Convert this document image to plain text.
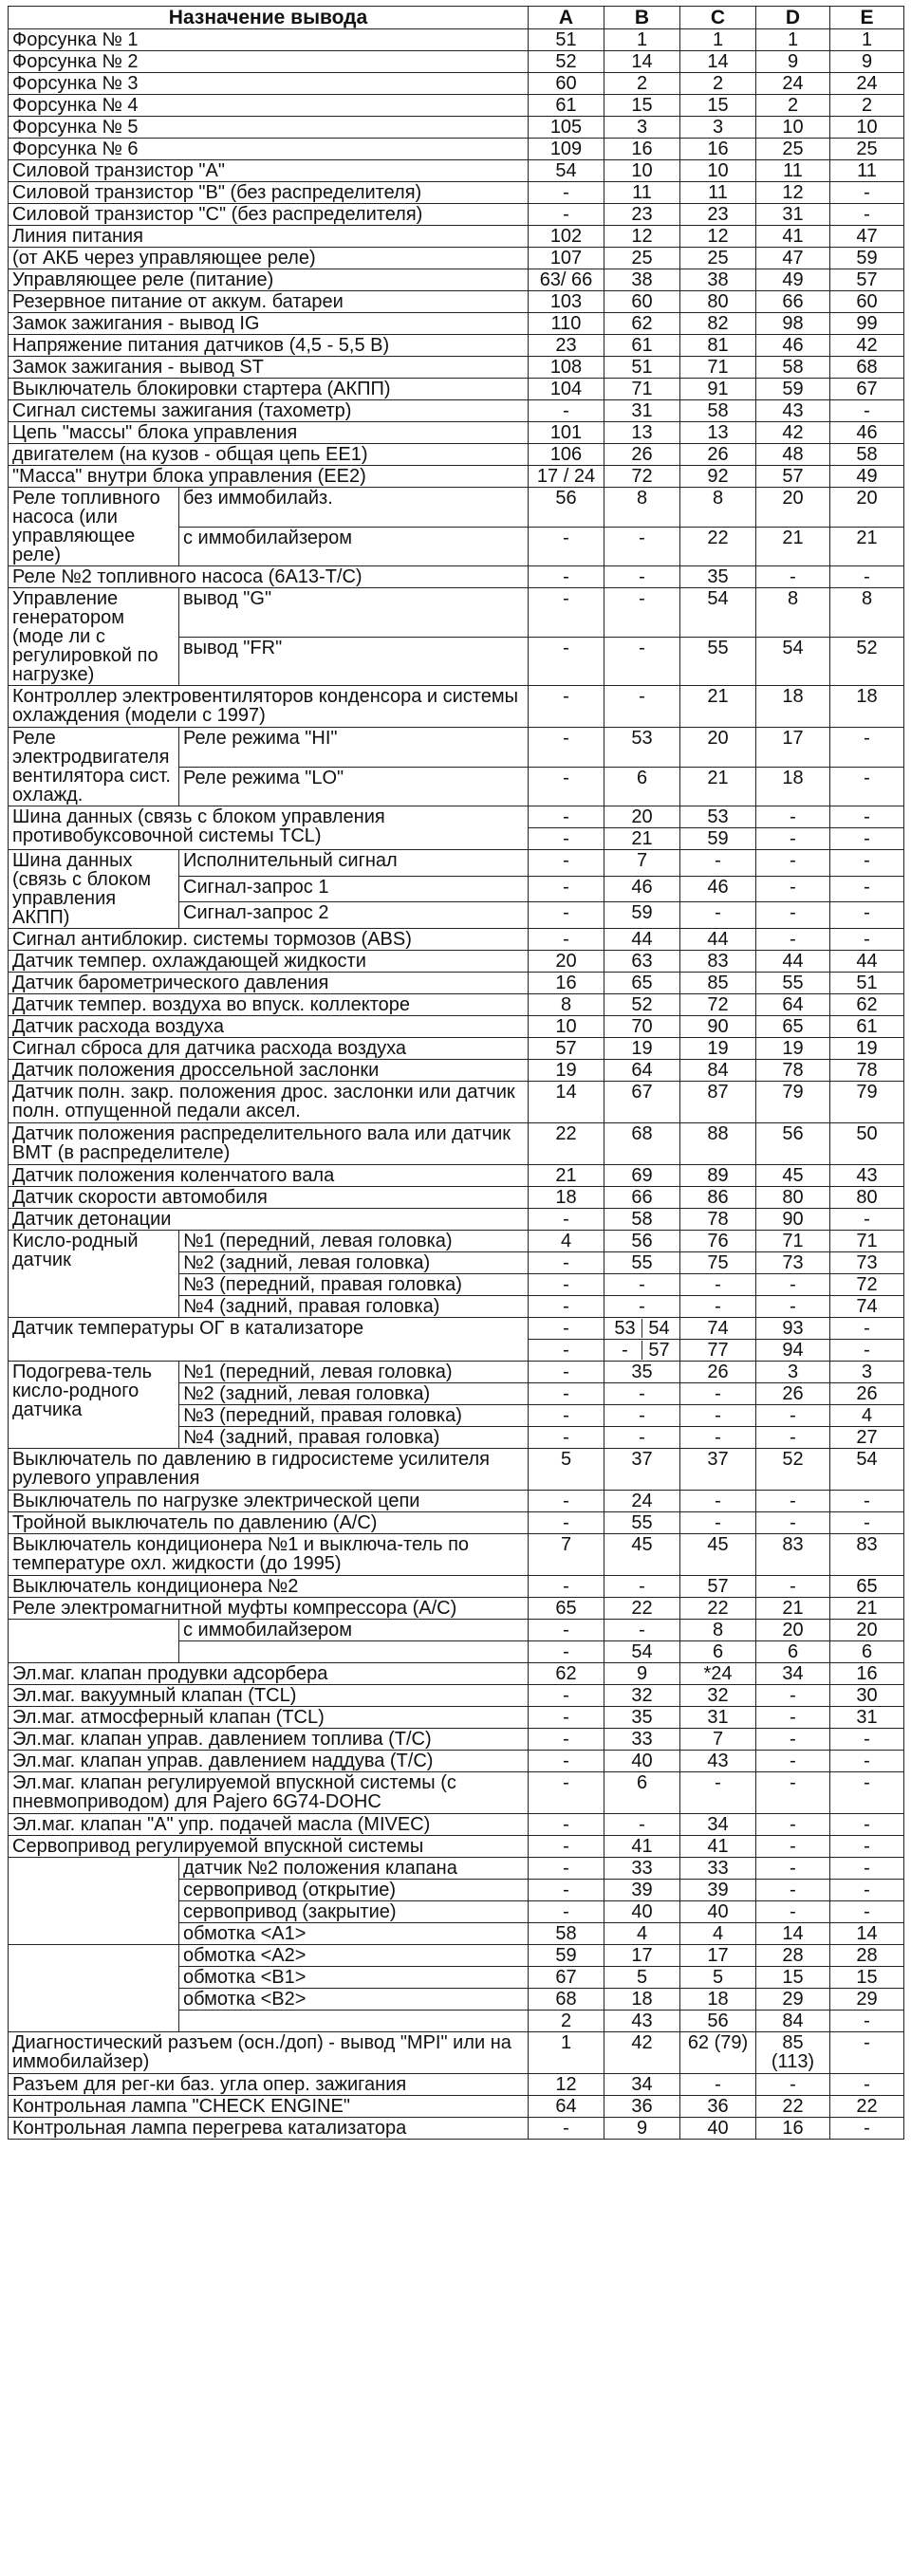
Назначение вывода		A	B	C	D	E
Форсунка № 1		51	1	1	1	1
Форсунка № 2		52	14	14	9	9
Форсунка № 3		60	2	2	24	24
Форсунка № 4		61	15	15	2	2
Форсунка № 5		105	3	3	10	10
Форсунка № 6		109	16	16	25	25
Силовой транзистор "А"		54	10	10	11	11
Силовой транзистор "В" (без распределителя)		-	11	11	12	-
Силовой транзистор "С" (без распределителя)		-	23	23	31	-
Линия питания		102	12	12	41	47
(от АКБ через управляющее реле)		107	25	25	47	59
Управляющее реле (питание)		63/ 66	38	38	49	57
Резервное питание от аккум. батареи		103	60	80	66	60
Замок зажигания - вывод IG		110	62	82	98	99
Напряжение питания датчиков (4,5 - 5,5 В)		23	61	81	46	42
Замок зажигания - вывод ST		108	51	71	58	68
Выключатель блокировки стартера (АКПП)		104	71	91	59	67
Сигнал системы зажигания (тахометр)		-	31	58	43	-
Цепь "массы" блока управления		101	13	13	42	46
двигателем (на кузов - общая цепь ЕЕ1)		106	26	26	48	58
"Масса" внутри блока управления (ЕЕ2)		17 / 24	72	92	57	49
Реле топливного насоса (или управляющее реле)	без иммобилайз.	56	8	8	20	20
	с иммобилайзером	-	-	22	21	21
Реле №2 топливного насоса (6А13-Т/С)		-	-	35	-	-
Управление генератором (моде ли с регулировкой по нагрузке)	вывод "G"	-	-	54	8	8
	вывод "FR"	-	-	55	54	52
Контроллер электровентиляторов конденсора и системы охлаждения (модели с 1997)		-	-	21	18	18
Реле электродвигателя вентилятора сист. охлажд.	Реле режима "HI"	-	53	20	17	-
	Реле режима "LO"	-	6	21	18	-
Шина данных (связь с блоком управления противобуксовочной системы TCL)		-	20	53	-	-
		-	21	59	-	-
Шина данных (связь с блоком управления АКПП)	Исполнительный сигнал	-	7	-	-	-
	Сигнал-запрос 1	-	46	46	-	-
	Сигнал-запрос 2	-	59	-	-	-
Сигнал антиблокир. системы тормозов (ABS)		-	44	44	-	-
Датчик темпер. охлаждающей жидкости		20	63	83	44	44
Датчик барометрического давления		16	65	85	55	51
Датчик темпер. воздуха во впуск. коллекторе		8	52	72	64	62
Датчик расхода воздуха		10	70	90	65	61
Сигнал сброса для датчика расхода воздуха		57	19	19	19	19
Датчик положения дроссельной заслонки		19	64	84	78	78
Датчик полн. закр. положения дрос. заслонки или датчик полн. отпущенной педали аксел.		14	67	87	79	79
Датчик положения распределительного вала или датчик ВМТ (в распределителе)		22	68	88	56	50
Датчик положения коленчатого вала		21	69	89	45	43
Датчик скорости автомобиля		18	66	86	80	80
Датчик детонации		-	58	78	90	-
Кисло-родный датчик	№1 (передний, левая головка)	4	56	76	71	71
	№2 (задний, левая головка)	-	55	75	73	73
	№3 (передний, правая головка)	-	-	-	-	72
	№4 (задний, правая головка)	-	-	-	-	74
Датчик температуры ОГ в катализаторе		-	53 54	74	93	-
		-	- 57	77	94	-
Подогрева-тель кисло-родного датчика	№1 (передний, левая головка)	-	35	26	3	3
	№2 (задний, левая головка)	-	-	-	26	26
	№3 (передний, правая головка)	-	-	-	-	4
	№4 (задний, правая головка)	-	-	-	-	27
Выключатель по давлению в гидросистеме усилителя рулевого управления		5	37	37	52	54
Выключатель по нагрузке электрической цепи		-	24	-	-	-
Тройной выключатель по давлению (А/С)		-	55	-	-	-
Выключатель кондиционера №1 и выключа-тель по температуре охл. жидкости (до 1995)		7	45	45	83	83
Выключатель кондиционера №2		-	-	57	-	65
Реле электромагнитной муфты компрессора (А/С)		65	22	22	21	21
	с иммобилайзером	-	-	8	20	20
		-	54	6	6	6
Эл.маг. клапан продувки адсорбера		62	9	*24	34	16
Эл.маг. вакуумный клапан (TCL)		-	32	32	-	30
Эл.маг. атмосферный клапан (TCL)		-	35	31	-	31
Эл.маг. клапан управ. давлением топлива (Т/С)		-	33	7	-	-
Эл.маг. клапан управ. давлением наддува (Т/С)		-	40	43	-	-
Эл.маг. клапан регулируемой впускной системы (с пневмоприводом) для Pajero 6G74-DOHC		-	6	-	-	-
Эл.маг. клапан "А" упр. подачей масла (MIVEC)		-	-	34	-	-
Сервопривод регулируемой впускной системы		-	41	41	-	-
	датчик №2 положения клапана	-	33	33	-	-
	сервопривод (открытие)	-	39	39	-	-
	сервопривод (закрытие)	-	40	40	-	-
	обмотка <А1>	58	4	4	14	14
	обмотка <А2>	59	17	17	28	28
	обмотка <В1>	67	5	5	15	15
	обмотка <В2>	68	18	18	29	29
		2	43	56	84	-
Диагностический разъем (осн./доп) - вывод "MPI" или на иммобилайзер)		1	42	62 (79)	85 (113)	-
Разъем для рег-ки баз. угла опер. зажигания		12	34	-	-	-
Контрольная лампа "CHECK ENGINE"		64	36	36	22	22
Контрольная лампа перегрева катализатора		-	9	40	16	-
